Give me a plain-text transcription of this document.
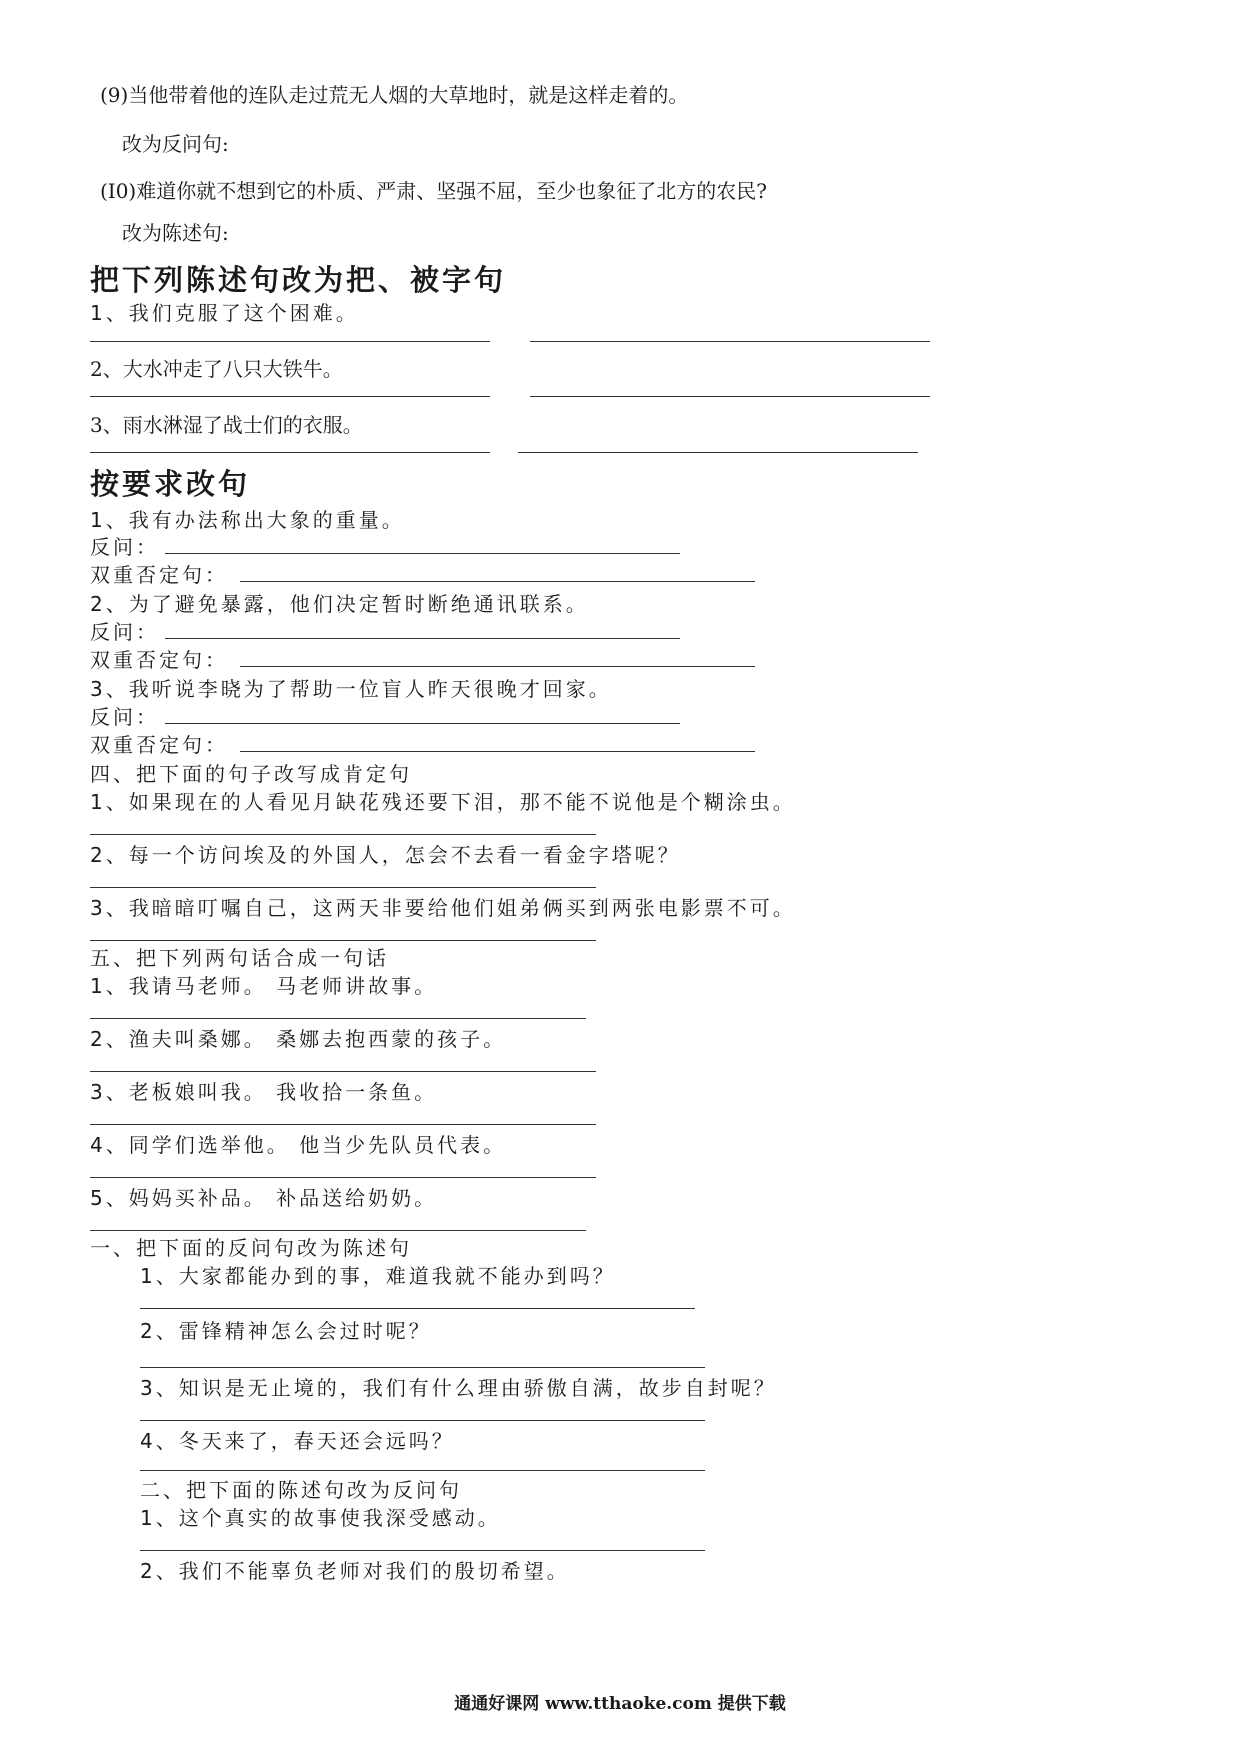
(9)当他带着他的连队走过荒无人烟的大草地时，就是这样走着的。

改为反问句:

(I0)难道你就不想到它的朴质、严肃、坚强不屈，至少也象征了北方的农民?

改为陈述句:

把下列陈述句改为把、被字句

1、我们克服了这个困难。

2、大水冲走了八只大铁牛。

3、雨水淋湿了战士们的衣服。

按要求改句

1、我有办法称出大象的重量。

反问：

双重否定句：

2、为了避免暴露，他们决定暂时断绝通讯联系。

反问：

双重否定句：

3、我听说李晓为了帮助一位盲人昨天很晚才回家。

反问：

双重否定句：

四、把下面的句子改写成肯定句

1、如果现在的人看见月缺花残还要下泪，那不能不说他是个糊涂虫。

2、每一个访问埃及的外国人，怎会不去看一看金字塔呢？

3、我暗暗叮嘱自己，这两天非要给他们姐弟俩买到两张电影票不可。

五、把下列两句话合成一句话

1、我请马老师。 马老师讲故事。

2、渔夫叫桑娜。 桑娜去抱西蒙的孩子。

3、老板娘叫我。 我收拾一条鱼。

4、同学们选举他。 他当少先队员代表。

5、妈妈买补品。 补品送给奶奶。

一、把下面的反问句改为陈述句

1、大家都能办到的事，难道我就不能办到吗？

2、雷锋精神怎么会过时呢？

3、知识是无止境的，我们有什么理由骄傲自满，故步自封呢？

4、冬天来了，春天还会远吗？

二、把下面的陈述句改为反问句

1、这个真实的故事使我深受感动。

2、我们不能辜负老师对我们的殷切希望。

通通好课网 www.tthaoke.com 提供下载
